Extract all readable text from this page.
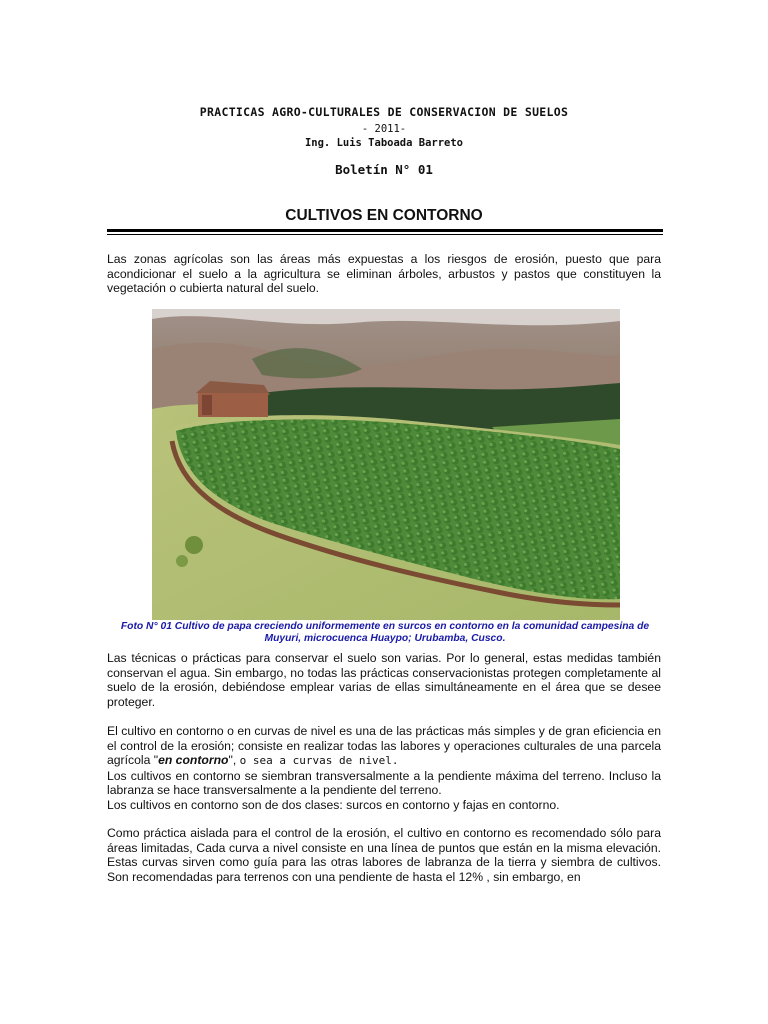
PRACTICAS AGRO-CULTURALES DE CONSERVACION DE SUELOS
- 2011-
Ing. Luis Taboada Barreto
Boletín N° 01
CULTIVOS EN CONTORNO

Las zonas agrícolas son las áreas más expuestas a los riesgos de erosión, puesto que para acondicionar el suelo a la agricultura se eliminan árboles, arbustos y pastos que constituyen la vegetación o cubierta natural del suelo.

Foto N° 01 Cultivo de papa creciendo uniformemente en surcos en contorno en la comunidad campesina de
Muyuri, microcuenca Huaypo; Urubamba, Cusco.

Las técnicas o prácticas para conservar el suelo son varias. Por lo general, estas medidas también conservan el agua. Sin embargo, no todas las prácticas conservacionistas protegen completamente al suelo de la erosión, debiéndose emplear varias de ellas simultáneamente en el área que se desee proteger.

El cultivo en contorno o en curvas de nivel es una de las prácticas más simples y de gran eficiencia en el control de la erosión; consiste en realizar todas las labores y operaciones culturales de una parcela agrícola "en contorno", o sea a curvas de nivel.
Los cultivos en contorno se siembran transversalmente a la pendiente máxima del terreno. Incluso la labranza se hace transversalmente a la pendiente del terreno.
Los cultivos en contorno son de dos clases: surcos en contorno y fajas en contorno.

Como práctica aislada para el control de la erosión, el cultivo en contorno es recomendado sólo para áreas limitadas, Cada curva a nivel consiste en una línea de puntos que están en la misma elevación. Estas curvas sirven como guía para las otras labores de labranza de la tierra y siembra de cultivos. Son recomendadas para terrenos con una pendiente de hasta el 12% , sin embargo, en
